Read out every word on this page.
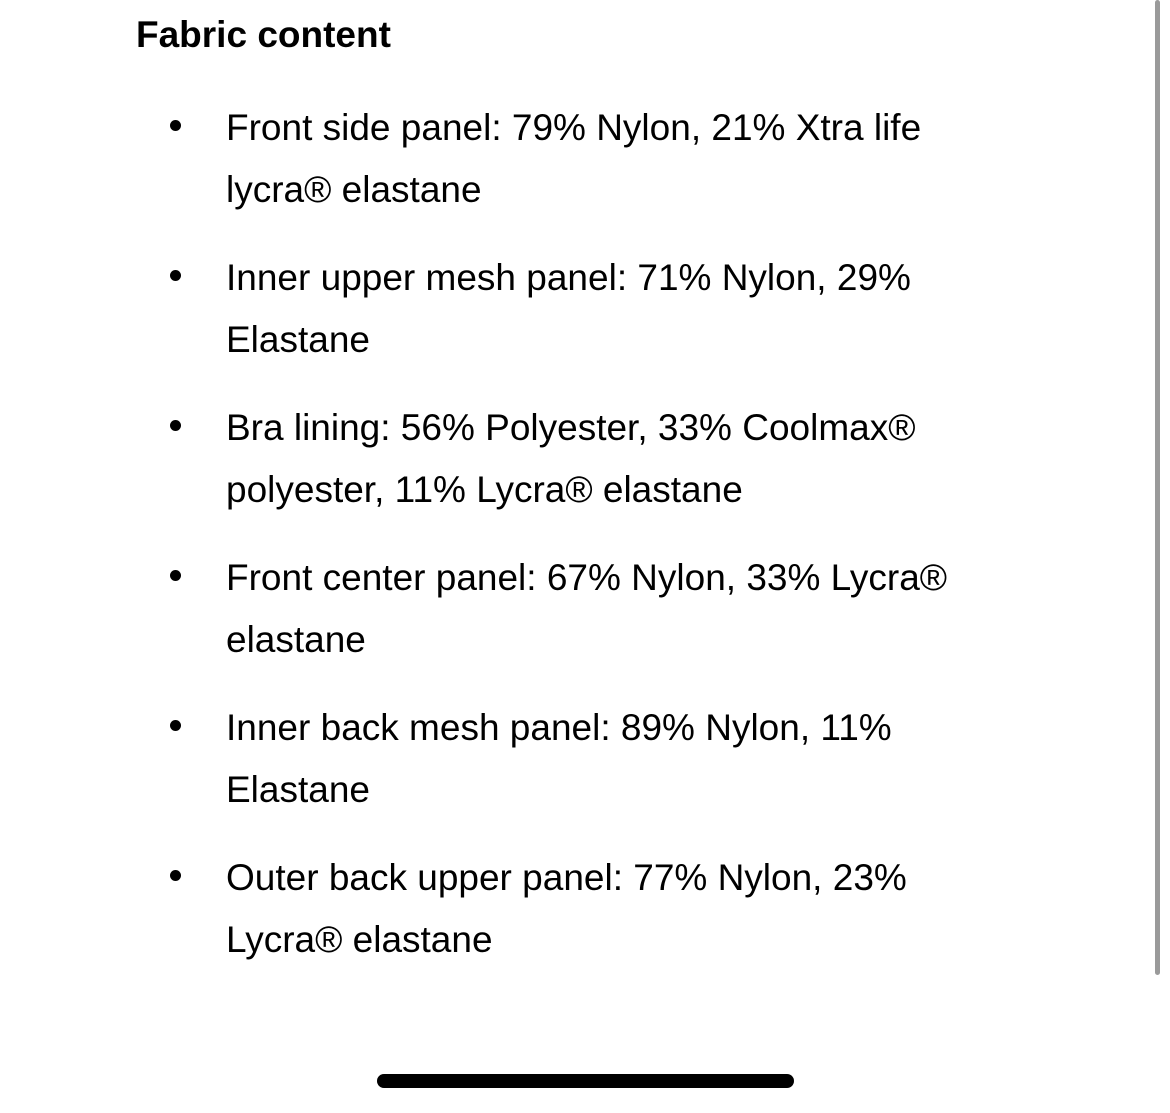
Fabric content
Front side panel: 79% Nylon, 21% Xtra life lycra® elastane
Inner upper mesh panel: 71% Nylon, 29% Elastane
Bra lining: 56% Polyester, 33% Coolmax® polyester, 11% Lycra® elastane
Front center panel: 67% Nylon, 33% Lycra® elastane
Inner back mesh panel: 89% Nylon, 11% Elastane
Outer back upper panel: 77% Nylon, 23% Lycra® elastane
